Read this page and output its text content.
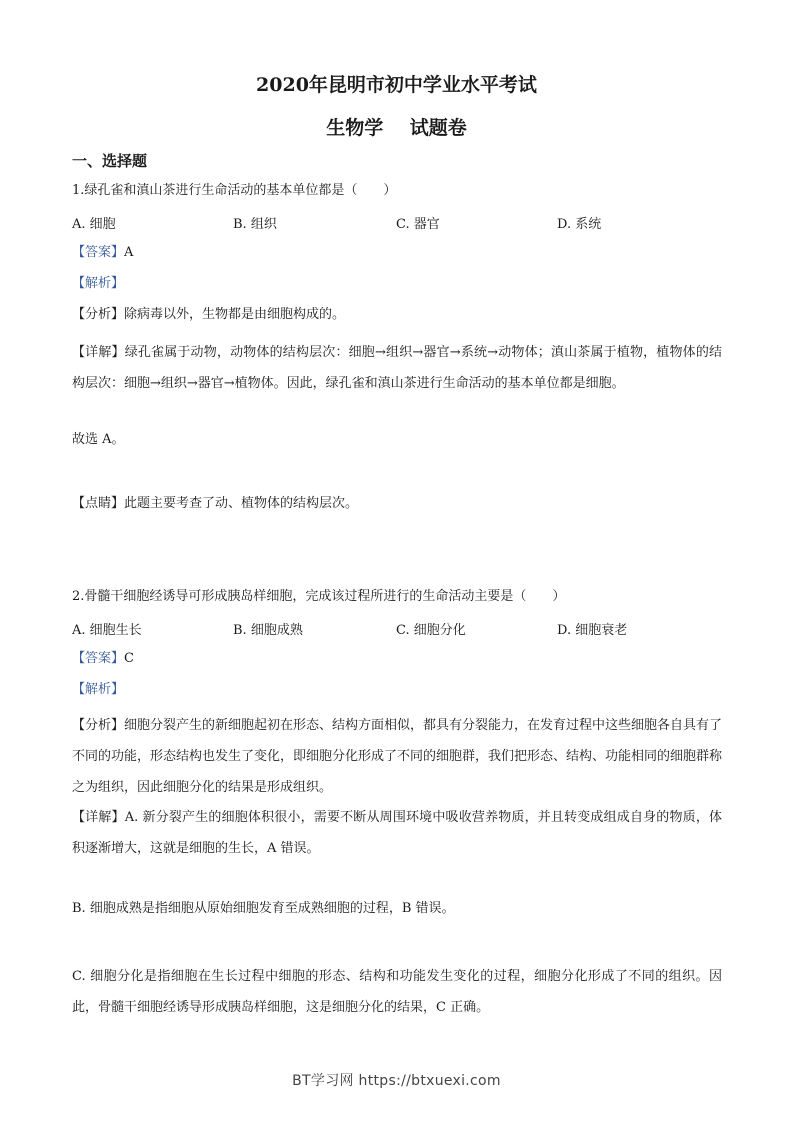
2020年昆明市初中学业水平考试
生物学    试题卷
一、选择题
1.绿孔雀和滇山茶进行生命活动的基本单位都是（　　）
A. 细胞	B. 组织	C. 器官	D. 系统
【答案】A
【解析】
【分析】除病毒以外，生物都是由细胞构成的。
【详解】绿孔雀属于动物，动物体的结构层次：细胞→组织→器官→系统→动物体；滇山茶属于植物，植物体的结构层次：细胞→组织→器官→植物体。因此，绿孔雀和滇山茶进行生命活动的基本单位都是细胞。
故选 A。
【点睛】此题主要考查了动、植物体的结构层次。
2.骨髓干细胞经诱导可形成胰岛样细胞，完成该过程所进行的生命活动主要是（　　）
A. 细胞生长	B. 细胞成熟	C. 细胞分化	D. 细胞衰老
【答案】C
【解析】
【分析】细胞分裂产生的新细胞起初在形态、结构方面相似，都具有分裂能力，在发育过程中这些细胞各自具有了不同的功能，形态结构也发生了变化，即细胞分化形成了不同的细胞群，我们把形态、结构、功能相同的细胞群称之为组织，因此细胞分化的结果是形成组织。
【详解】A. 新分裂产生的细胞体积很小，需要不断从周围环境中吸收营养物质，并且转变成组成自身的物质，体积逐渐增大，这就是细胞的生长，A 错误。
B. 细胞成熟是指细胞从原始细胞发育至成熟细胞的过程，B 错误。
C. 细胞分化是指细胞在生长过程中细胞的形态、结构和功能发生变化的过程，细胞分化形成了不同的组织。因此，骨髓干细胞经诱导形成胰岛样细胞，这是细胞分化的结果，C 正确。
BT学习网 https://btxuexi.com
